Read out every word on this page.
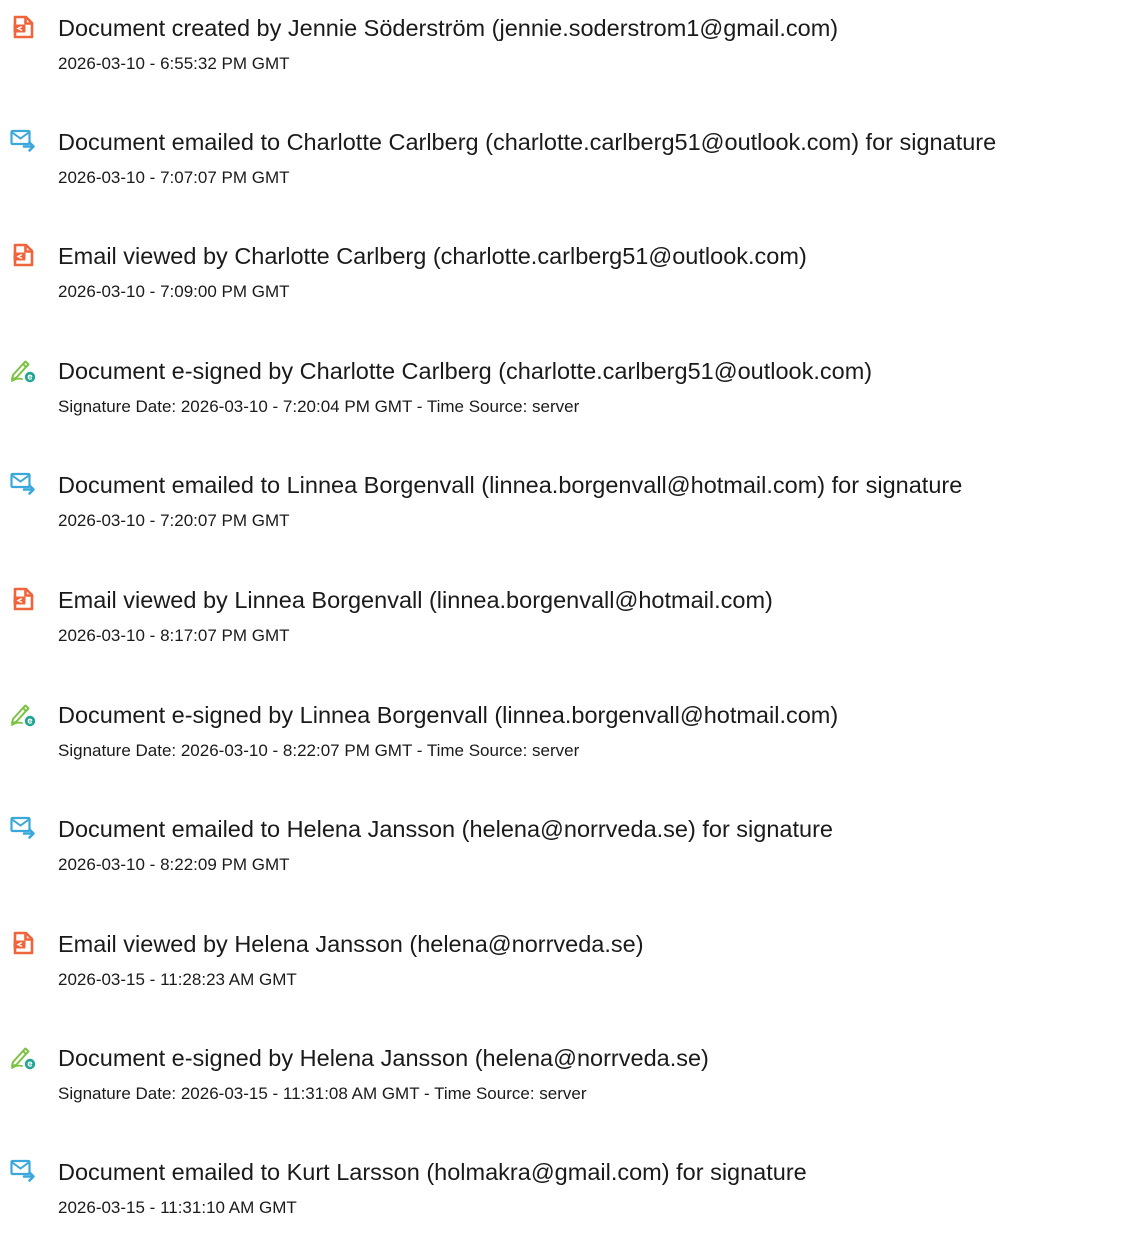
Document created by Jennie Söderström (jennie.soderstrom1@gmail.com)
2026-03-10 - 6:55:32 PM GMT
Document emailed to Charlotte Carlberg (charlotte.carlberg51@outlook.com) for signature
2026-03-10 - 7:07:07 PM GMT
Email viewed by Charlotte Carlberg (charlotte.carlberg51@outlook.com)
2026-03-10 - 7:09:00 PM GMT
Document e-signed by Charlotte Carlberg (charlotte.carlberg51@outlook.com)
Signature Date: 2026-03-10 - 7:20:04 PM GMT - Time Source: server
Document emailed to Linnea Borgenvall (linnea.borgenvall@hotmail.com) for signature
2026-03-10 - 7:20:07 PM GMT
Email viewed by Linnea Borgenvall (linnea.borgenvall@hotmail.com)
2026-03-10 - 8:17:07 PM GMT
Document e-signed by Linnea Borgenvall (linnea.borgenvall@hotmail.com)
Signature Date: 2026-03-10 - 8:22:07 PM GMT - Time Source: server
Document emailed to Helena Jansson (helena@norrveda.se) for signature
2026-03-10 - 8:22:09 PM GMT
Email viewed by Helena Jansson (helena@norrveda.se)
2026-03-15 - 11:28:23 AM GMT
Document e-signed by Helena Jansson (helena@norrveda.se)
Signature Date: 2026-03-15 - 11:31:08 AM GMT - Time Source: server
Document emailed to Kurt Larsson (holmakra@gmail.com) for signature
2026-03-15 - 11:31:10 AM GMT
